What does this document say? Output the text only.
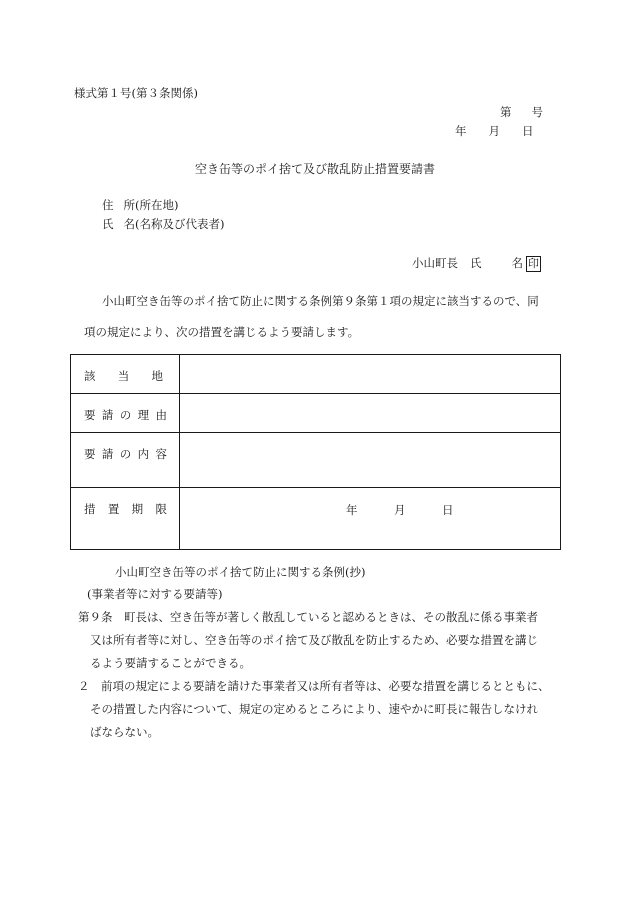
様式第１号(第３条関係)
第 号
年 月 日
空き缶等のポイ捨て及び散乱防止措置要請書
住 所(所在地)
氏 名(名称及び代表者)
小山町長 氏	名 印
小山町空き缶等のポイ捨て防止に関する条例第９条第１項の規定に該当するので、同
項の規定により、次の措置を講じるよう要請します。
該 当 地	

要 請 の 理 由	

要 請 の 内 容	

措 置 期 限	年 月 日
小山町空き缶等のポイ捨て防止に関する条例(抄)
(事業者等に対する要請等)
第９条　町長は、空き缶等が著しく散乱していると認めるときは、その散乱に係る事業者
又は所有者等に対し、空き缶等のポイ捨て及び散乱を防止するため、必要な措置を講じ
るよう要請することができる。
２　前項の規定による要請を請けた事業者又は所有者等は、必要な措置を講じるとともに、
その措置した内容について、規定の定めるところにより、速やかに町長に報告しなけれ
ばならない。
